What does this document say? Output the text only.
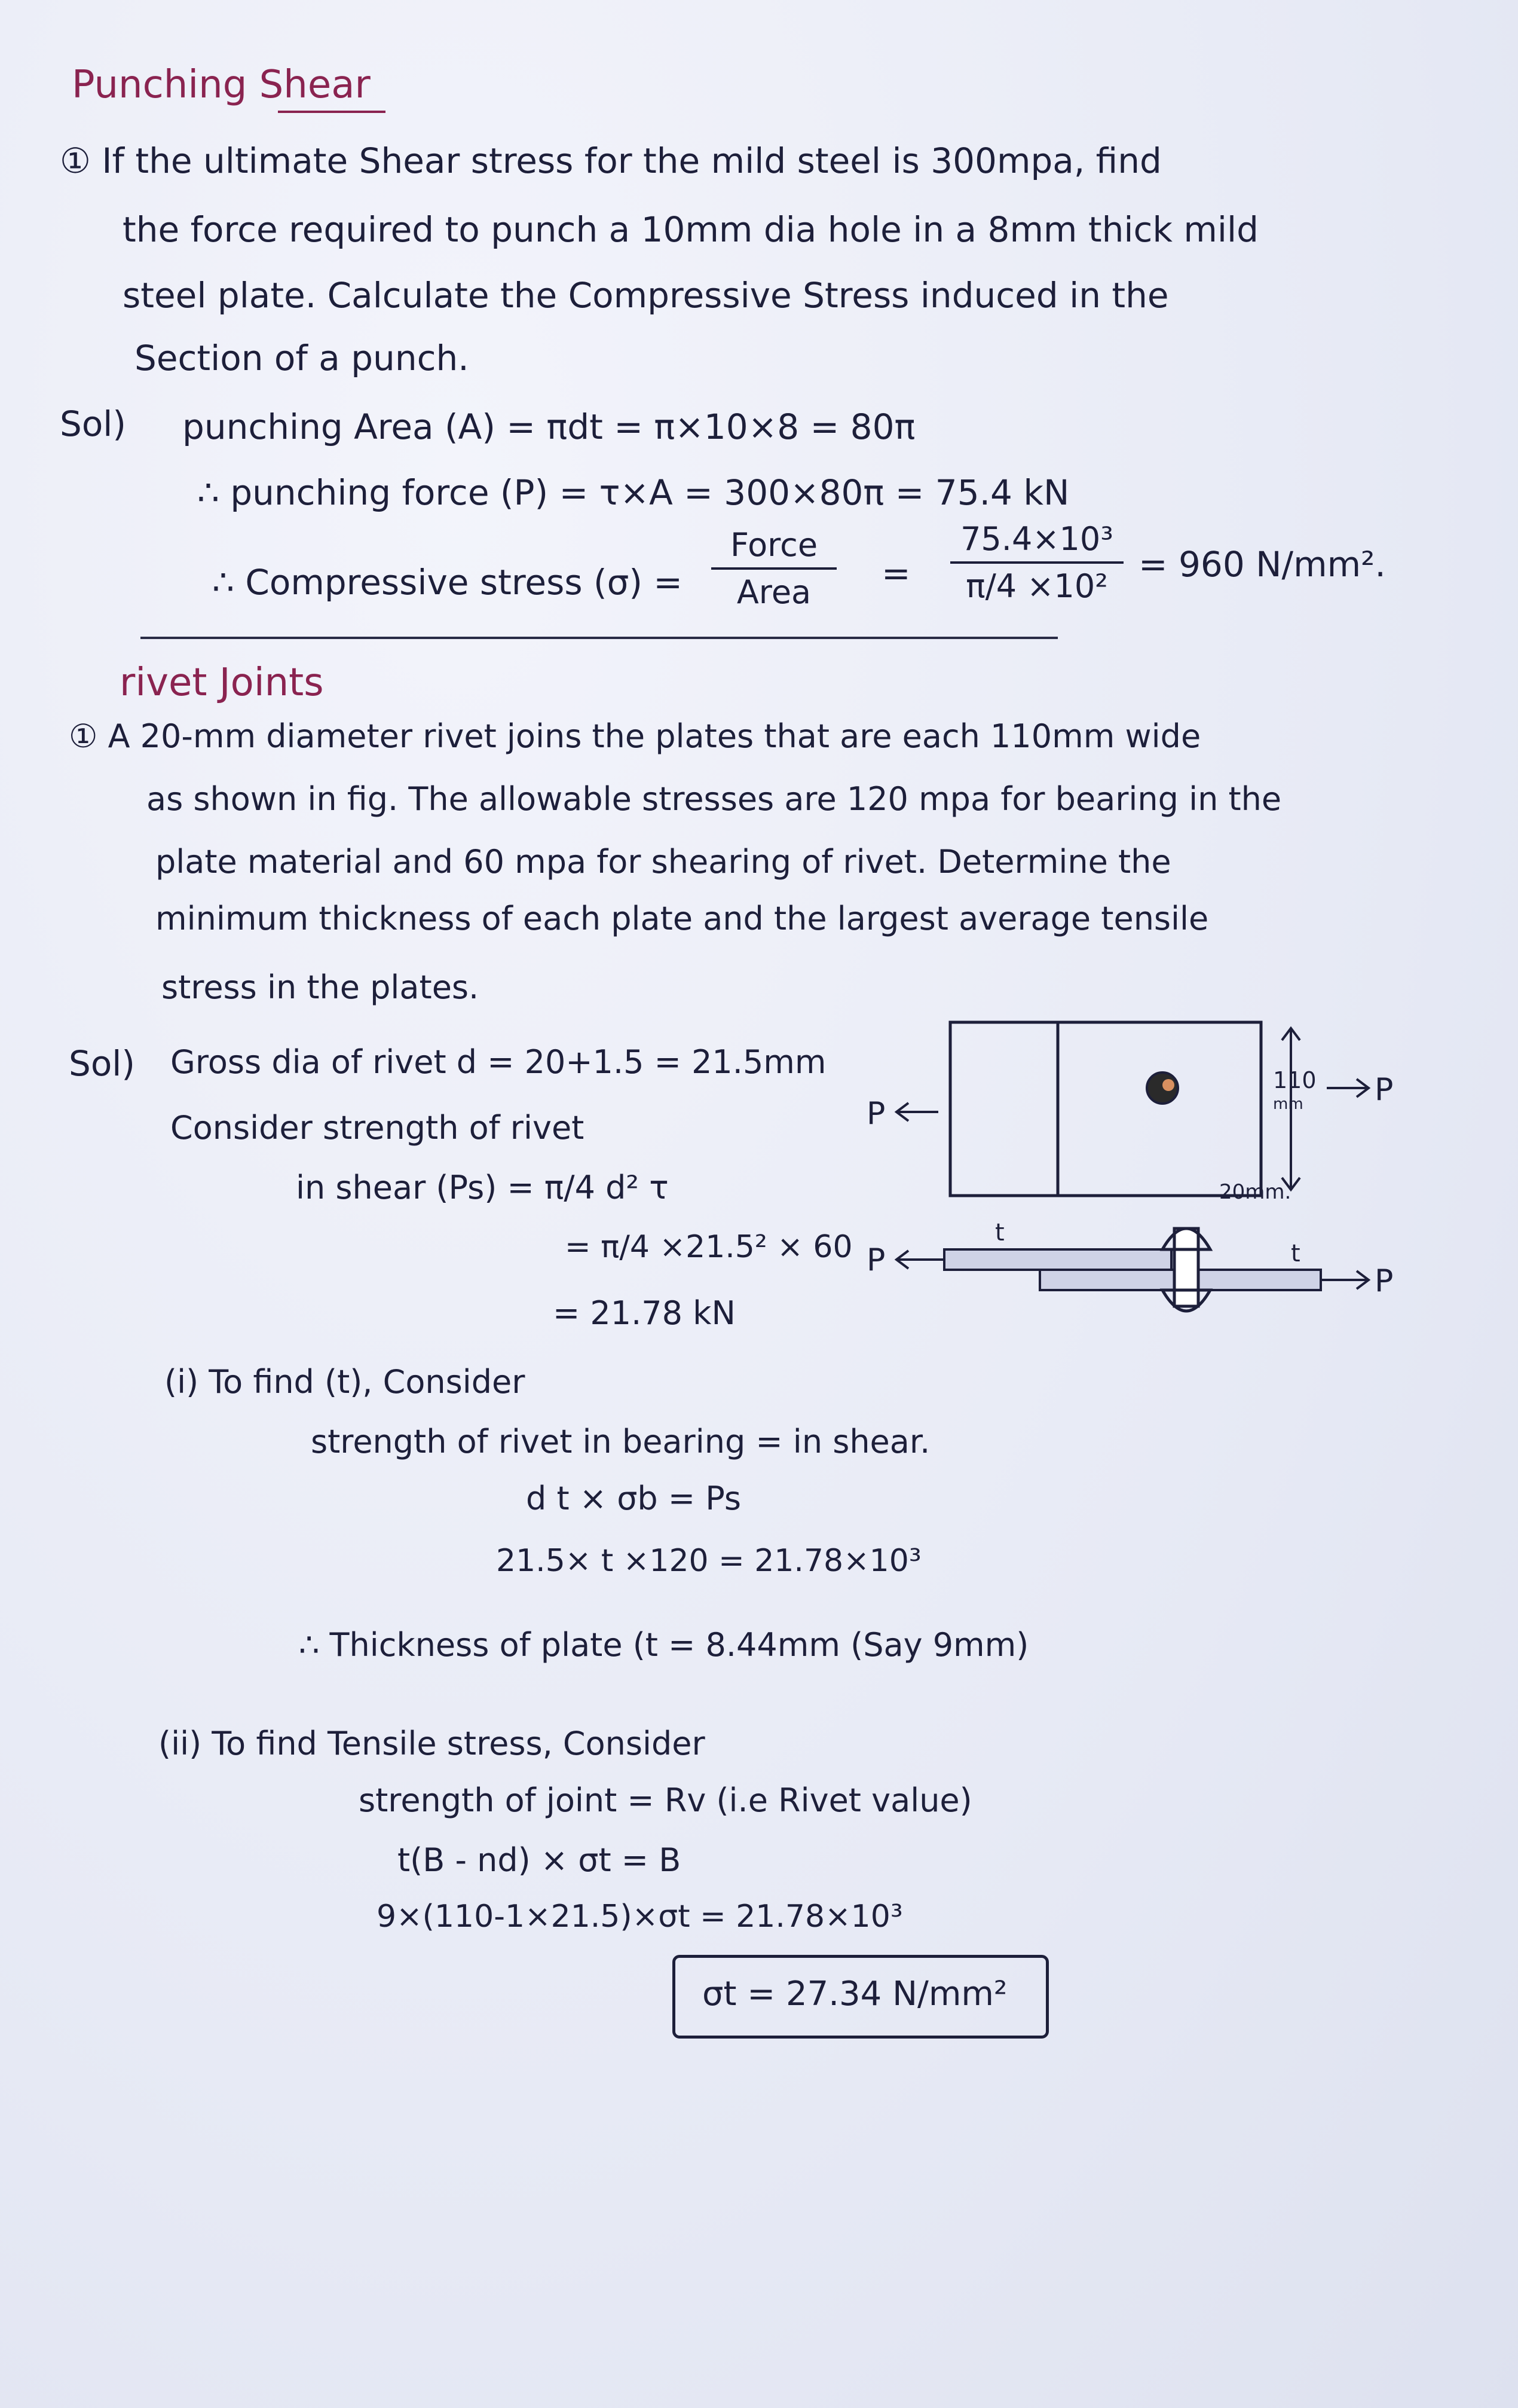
Punching Shear
① If the ultimate Shear stress for the mild steel is 300mpa, find
the force required to punch a 10mm dia hole in a 8mm thick mild
steel plate. Calculate the Compressive Stress induced in the
Section of a punch.
Sol) punching Area (A) = πdt = π×10×8 = 80π
∴ punching force (P) = τ×A = 300×80π = 75.4 kN
∴ Compressive stress (σ) =
Force
Area	=
75.4×10³
π/4 ×10²
= 960 N/mm².
rivet Joints
① A 20-mm diameter rivet joins the plates that are each 110mm wide
as shown in fig. The allowable stresses are 120 mpa for bearing in the
plate material and 60 mpa for shearing of rivet. Determine the
minimum thickness of each plate and the largest average tensile
stress in the plates.
Sol) Gross dia of rivet d = 20+1.5 = 21.5mm
Consider strength of rivet
in shear (Ps) = π/4 d² τ
= π/4 ×21.5² × 60
= 21.78 kN
(i) To find (t), Consider
strength of rivet in bearing = in shear.
d t × σb = Ps
21.5× t ×120 = 21.78×10³
∴ Thickness of plate (t = 8.44mm (Say 9mm)
(ii) To find Tensile stress, Consider
strength of joint = Rv (i.e Rivet value)
t(B - nd) × σt = B
9×(110-1×21.5)×σt = 21.78×10³
σt = 27.34 N/mm²
P
110
mm P
20mm.
P
P
t
t
